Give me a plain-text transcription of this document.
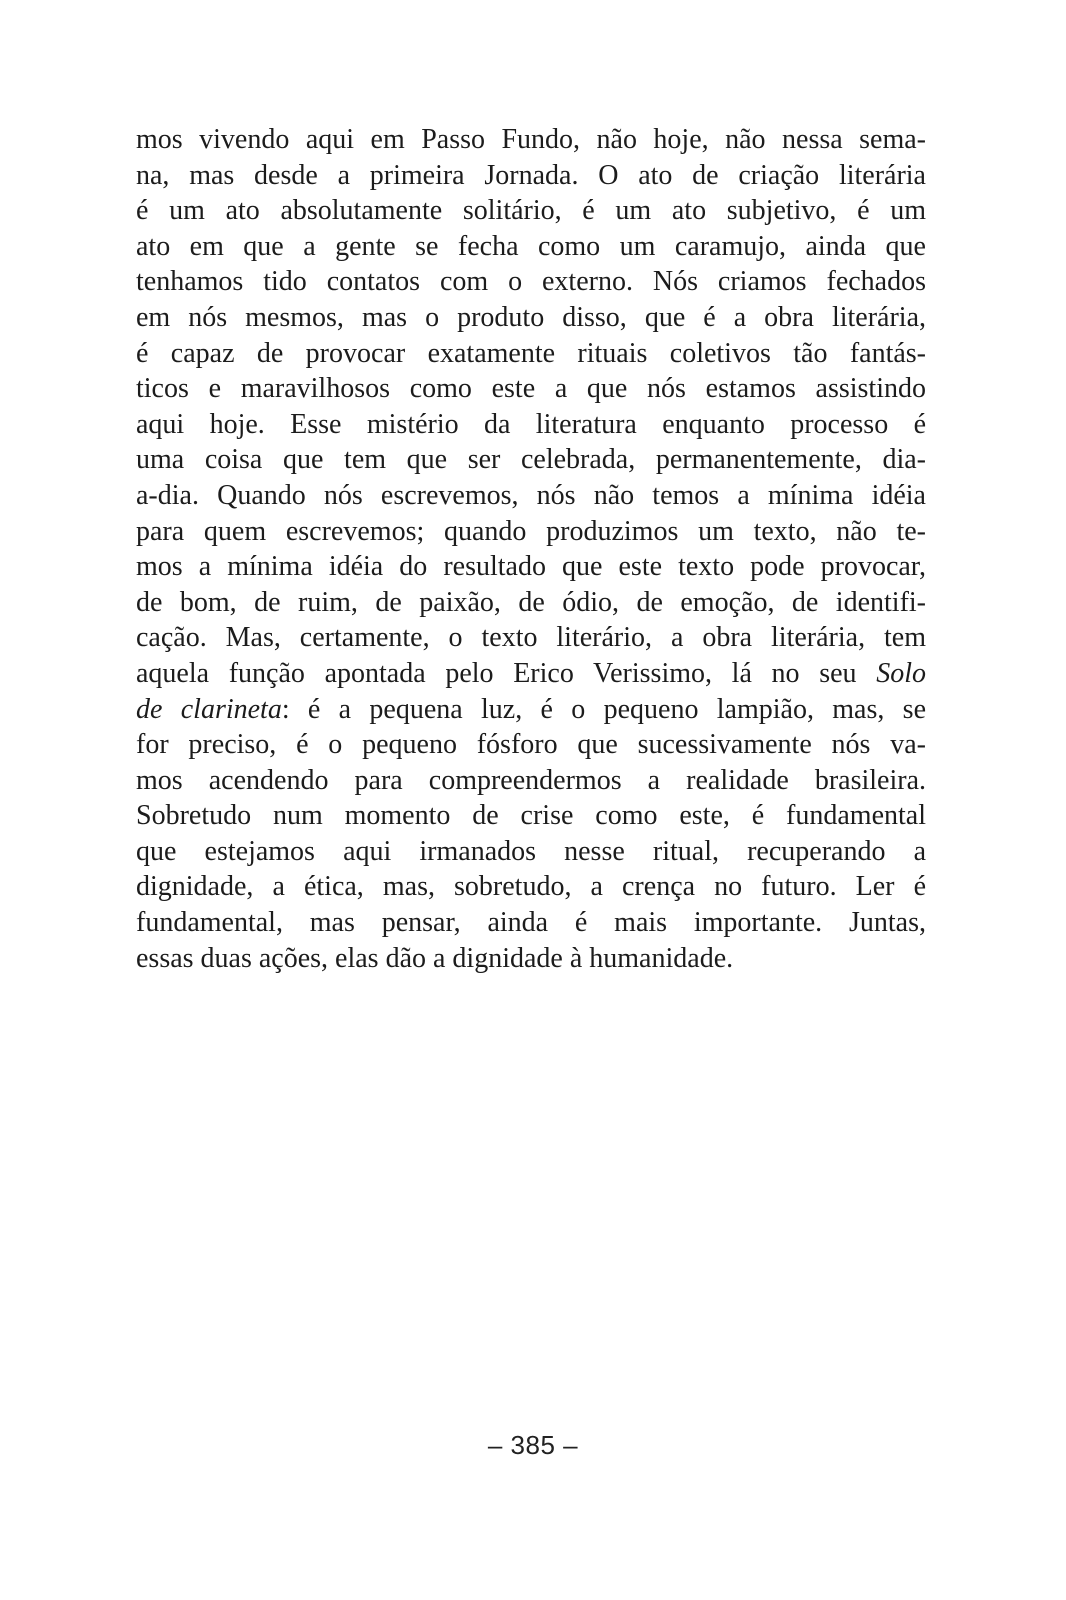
mos vivendo aqui em Passo Fundo, não hoje, não nessa sema-
na, mas desde a primeira Jornada. O ato de criação literária
é um ato absolutamente solitário, é um ato subjetivo, é um
ato em que a gente se fecha como um caramujo, ainda que
tenhamos tido contatos com o externo. Nós criamos fechados
em nós mesmos, mas o produto disso, que é a obra literária,
é capaz de provocar exatamente rituais coletivos tão fantás-
ticos e maravilhosos como este a que nós estamos assistindo
aqui hoje. Esse mistério da literatura enquanto processo é
uma coisa que tem que ser celebrada, permanentemente, dia-
a-dia. Quando nós escrevemos, nós não temos a mínima idéia
para quem escrevemos; quando produzimos um texto, não te-
mos a mínima idéia do resultado que este texto pode provocar,
de bom, de ruim, de paixão, de ódio, de emoção, de identifi-
cação. Mas, certamente, o texto literário, a obra literária, tem
aquela função apontada pelo Erico Verissimo, lá no seu Solo
de clarineta: é a pequena luz, é o pequeno lampião, mas, se
for preciso, é o pequeno fósforo que sucessivamente nós va-
mos acendendo para compreendermos a realidade brasileira.
Sobretudo num momento de crise como este, é fundamental
que estejamos aqui irmanados nesse ritual, recuperando a
dignidade, a ética, mas, sobretudo, a crença no futuro. Ler é
fundamental, mas pensar, ainda é mais importante. Juntas,
essas duas ações, elas dão a dignidade à humanidade.
– 385 –
